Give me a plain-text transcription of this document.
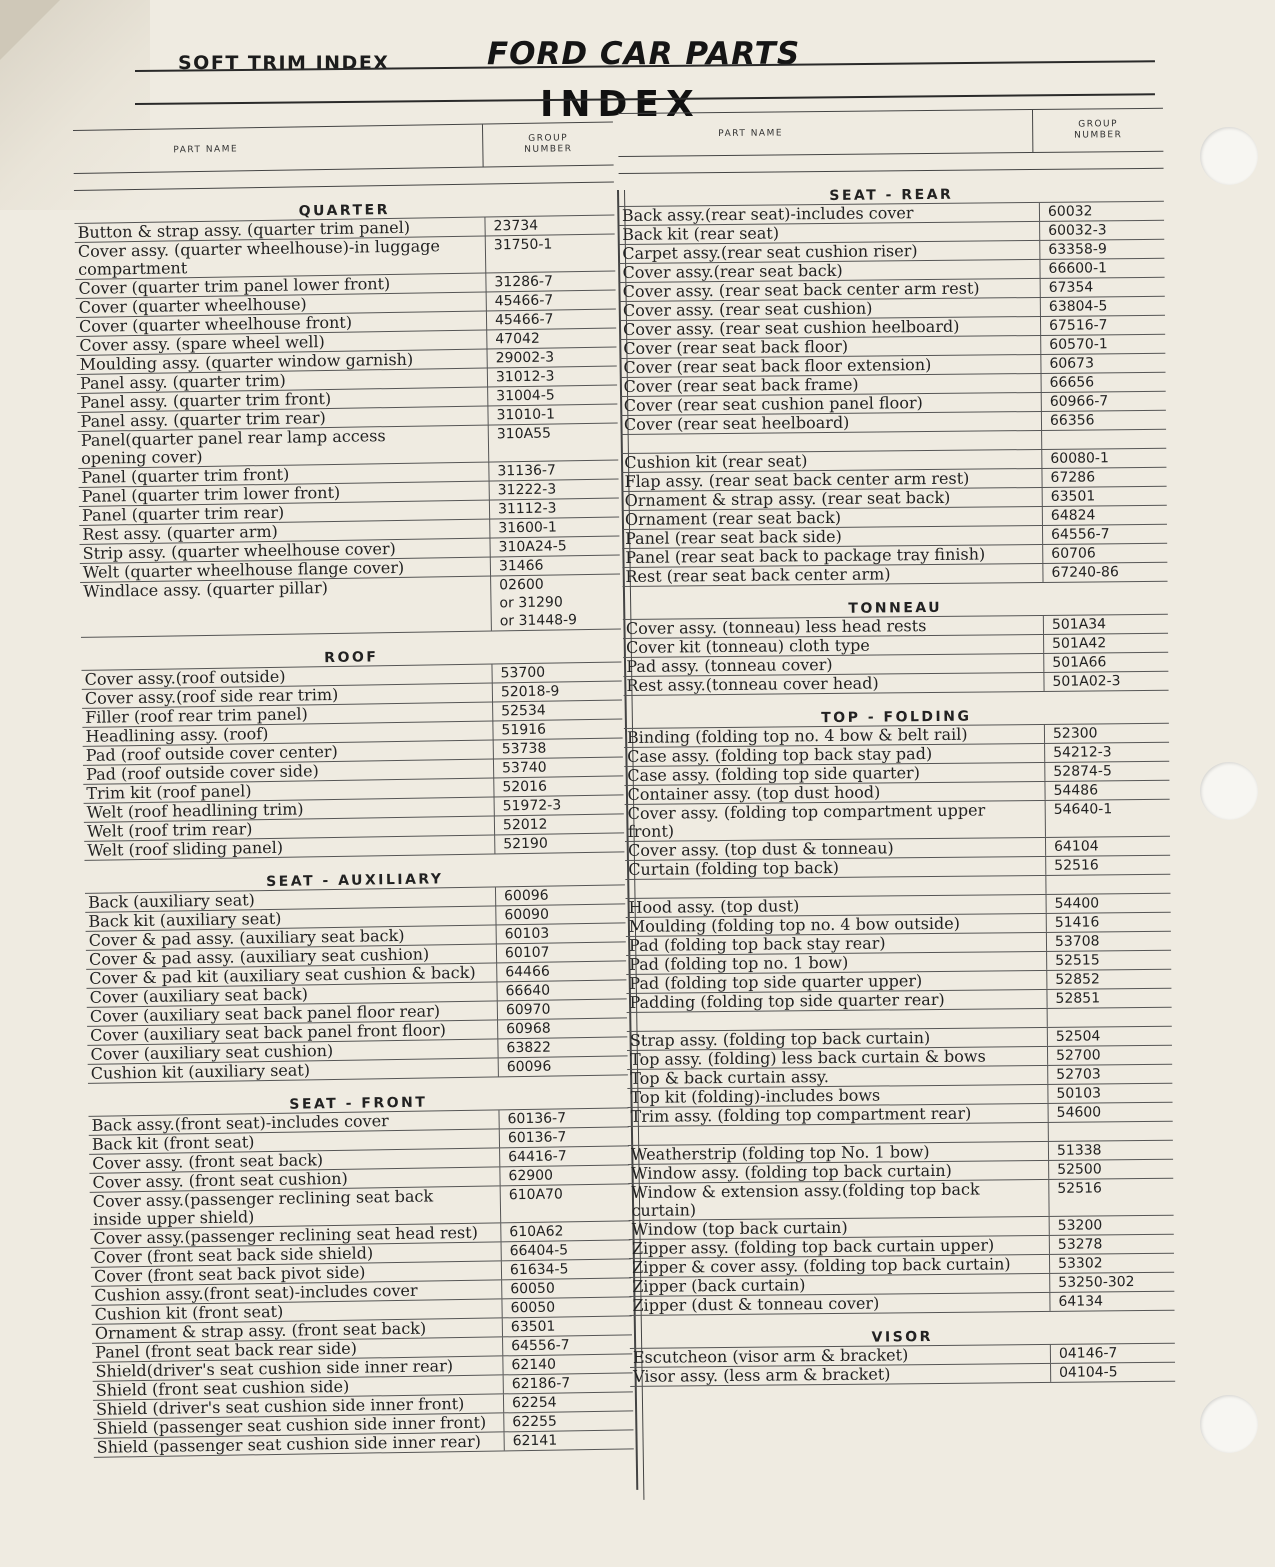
SOFT TRIM INDEX	FORD CAR PARTS
INDEX
PART NAME
GROUP
NUMBER
QUARTER
Button & strap assy. (quarter trim panel)	23734
Cover assy. (quarter wheelhouse)-in luggage
compartment
31750-1
Cover (quarter trim panel lower front)	31286-7
Cover (quarter wheelhouse)	45466-7
Cover (quarter wheelhouse front)	45466-7
Cover assy. (spare wheel well)	47042
Moulding assy. (quarter window garnish)	29002-3
Panel assy. (quarter trim)	31012-3
Panel assy. (quarter trim front)	31004-5
Panel assy. (quarter trim rear)	31010-1
Panel(quarter panel rear lamp access
opening cover)
310A55
Panel (quarter trim front)	31136-7
Panel (quarter trim lower front)	31222-3
Panel (quarter trim rear)	31112-3
Rest assy. (quarter arm)	31600-1
Strip assy. (quarter wheelhouse cover)	310A24-5
Welt (quarter wheelhouse flange cover)	31466
Windlace assy. (quarter pillar)	02600
or 31290
or 31448-9
ROOF
Cover assy.(roof outside)	53700
Cover assy.(roof side rear trim)	52018-9
Filler (roof rear trim panel)	52534
Headlining assy. (roof)	51916
Pad (roof outside cover center)	53738
Pad (roof outside cover side)	53740
Trim kit (roof panel)	52016
Welt (roof headlining trim)	51972-3
Welt (roof trim rear)	52012
Welt (roof sliding panel)	52190
SEAT - AUXILIARY
Back (auxiliary seat)	60096
Back kit (auxiliary seat)	60090
Cover & pad assy. (auxiliary seat back)	60103
Cover & pad assy. (auxiliary seat cushion)	60107
Cover & pad kit (auxiliary seat cushion & back)	64466
Cover (auxiliary seat back)	66640
Cover (auxiliary seat back panel floor rear)	60970
Cover (auxiliary seat back panel front floor)	60968
Cover (auxiliary seat cushion)	63822
Cushion kit (auxiliary seat)	60096
SEAT - FRONT
Back assy.(front seat)-includes cover	60136-7
Back kit (front seat)	60136-7
Cover assy. (front seat back)	64416-7
Cover assy. (front seat cushion)	62900
Cover assy.(passenger reclining seat back
inside upper shield)
610A70
Cover assy.(passenger reclining seat head rest)	610A62
Cover (front seat back side shield)	66404-5
Cover (front seat back pivot side)	61634-5
Cushion assy.(front seat)-includes cover	60050
Cushion kit (front seat)	60050
Ornament & strap assy. (front seat back)	63501
Panel (front seat back rear side)	64556-7
Shield(driver's seat cushion side inner rear)	62140
Shield (front seat cushion side)	62186-7
Shield (driver's seat cushion side inner front)	62254
Shield (passenger seat cushion side inner front)	62255
Shield (passenger seat cushion side inner rear)	62141
PART NAME
GROUP
NUMBER
SEAT - REAR
Back assy.(rear seat)-includes cover	60032
Back kit (rear seat)	60032-3
Carpet assy.(rear seat cushion riser)	63358-9
Cover assy.(rear seat back)	66600-1
Cover assy. (rear seat back center arm rest)	67354
Cover assy. (rear seat cushion)	63804-5
Cover assy. (rear seat cushion heelboard)	67516-7
Cover (rear seat back floor)	60570-1
Cover (rear seat back floor extension)	60673
Cover (rear seat back frame)	66656
Cover (rear seat cushion panel floor)	60966-7
Cover (rear seat heelboard)	66356
Cushion kit (rear seat)	60080-1
Flap assy. (rear seat back center arm rest)	67286
Ornament & strap assy. (rear seat back)	63501
Ornament (rear seat back)	64824
Panel (rear seat back side)	64556-7
Panel (rear seat back to package tray finish)	60706
Rest (rear seat back center arm)	67240-86
TONNEAU
Cover assy. (tonneau) less head rests	501A34
Cover kit (tonneau) cloth type	501A42
Pad assy. (tonneau cover)	501A66
Rest assy.(tonneau cover head)	501A02-3
TOP - FOLDING
Binding (folding top no. 4 bow & belt rail)	52300
Case assy. (folding top back stay pad)	54212-3
Case assy. (folding top side quarter)	52874-5
Container assy. (top dust hood)	54486
Cover assy. (folding top compartment upper
front)
54640-1
Cover assy. (top dust & tonneau)	64104
Curtain (folding top back)	52516
Hood assy. (top dust)	54400
Moulding (folding top no. 4 bow outside)	51416
Pad (folding top back stay rear)	53708
Pad (folding top no. 1 bow)	52515
Pad (folding top side quarter upper)	52852
Padding (folding top side quarter rear)	52851
Strap assy. (folding top back curtain)	52504
Top assy. (folding) less back curtain & bows	52700
Top & back curtain assy.	52703
Top kit (folding)-includes bows	50103
Trim assy. (folding top compartment rear)	54600
Weatherstrip (folding top No. 1 bow)	51338
Window assy. (folding top back curtain)	52500
Window & extension assy.(folding top back curtain)
52516
Window (top back curtain)	53200
Zipper assy. (folding top back curtain upper)	53278
Zipper & cover assy. (folding top back curtain)	53302
Zipper (back curtain)	53250-302
Zipper (dust & tonneau cover)	64134
VISOR
Escutcheon (visor arm & bracket)	04146-7
Visor assy. (less arm & bracket)	04104-5
